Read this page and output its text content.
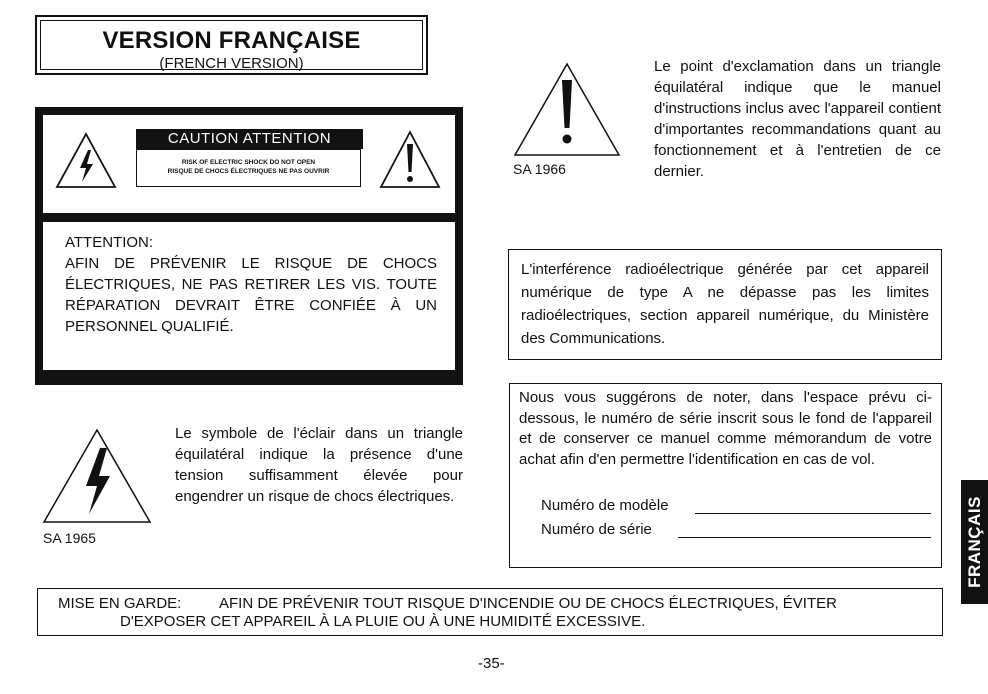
VERSION FRANÇAISE
(FRENCH VERSION)
CAUTION ATTENTION
RISK OF ELECTRIC SHOCK DO NOT OPEN
RISQUE DE CHOCS ÉLECTRIQUES NE PAS OUVRIR
ATTENTION:
AFIN DE PRÉVENIR LE RISQUE DE CHOCS ÉLECTRIQUES, NE PAS RETIRER LES VIS. TOUTE RÉPARATION DEVRAIT ÊTRE CONFIÉE À UN PERSONNEL QUALIFIÉ.
SA 1966
Le point d'exclamation dans un triangle équilatéral indique que le manuel d'instructions inclus avec l'appareil contient d'importantes recommandations quant au fonctionnement et à l'entretien de ce dernier.
SA 1965
Le symbole de l'éclair dans un triangle équilatéral indique la présence d'une tension suffisamment élevée pour engendrer un risque de chocs électriques.
L'interférence radioélectrique générée par cet appareil numérique de type A ne dépasse pas les limites radioélectriques, section appareil numérique, du Ministère des Communications.
Nous vous suggérons de noter, dans l'espace prévu ci-dessous, le numéro de série inscrit sous le fond de l'appareil et de conserver ce manuel comme mémorandum de votre achat afin d'en permettre l'identification en cas de vol.
Numéro de modèle
Numéro de série
MISE EN GARDE:	AFIN DE PRÉVENIR TOUT RISQUE D'INCENDIE OU DE CHOCS ÉLECTRIQUES, ÉVITER
D'EXPOSER CET APPAREIL À LA PLUIE OU À UNE HUMIDITÉ EXCESSIVE.
-35-
FRANÇAIS
